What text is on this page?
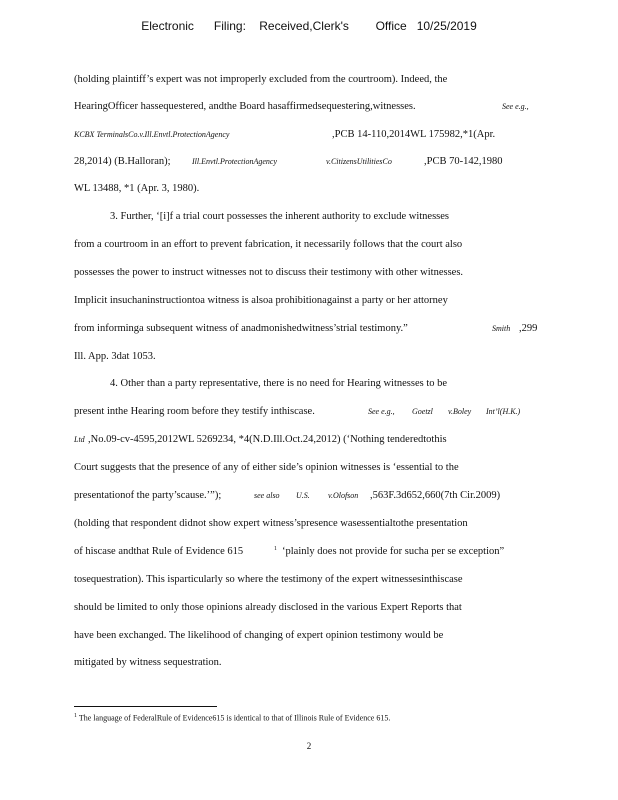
Electronic      Filing:    Received,Clerk's        Office   10/25/2019
(holding plaintiff’s expert was not improperly excluded from the courtroom). Indeed, the
HearingOfficer hassequestered, andthe Board hasaffirmedsequestering,witnesses.	See e.g.,
KCBX TerminalsCo.v.Ill.Envtl.ProtectionAgency	,PCB 14-110,2014WL 175982,*1(Apr.
28,2014) (B.Halloran);	Ill.Envtl.ProtectionAgency	v.CitizensUtilitiesCo	,PCB 70-142,1980
WL 13488, *1 (Apr. 3, 1980).
3. Further, ‘[i]f a trial court possesses the inherent authority to exclude witnesses
from a courtroom in an effort to prevent fabrication, it necessarily follows that the court also
possesses the power to instruct witnesses not to discuss their testimony with other witnesses.
Implicit insuchaninstructiontoa witness is alsoa prohibitionagainst a party or her attorney
from informinga subsequent witness of anadmonishedwitness’strial testimony.”	Smith ,299
Ill. App. 3dat 1053.
4. Other than a party representative, there is no need for Hearing witnesses to be
present inthe Hearing room before they testify inthiscase.	See e.g., Goetzl v.Boley Int’l(H.K.)
Ltd ,No.09-cv-4595,2012WL 5269234, *4(N.D.Ill.Oct.24,2012) (‘Nothing tenderedtothis
Court suggests that the presence of any of either side’s opinion witnesses is ‘essential to the
presentationof the party’scause.’”);	see also U.S. v.Olofson ,563F.3d652,660(7th Cir.2009)
(holding that respondent didnot show expert witness’spresence wasessentialtothe presentation
of hiscase andthat Rule of Evidence 615	1 ‘plainly does not provide for sucha per se exception”
tosequestration). This isparticularly so where the testimony of the expert witnessesinthiscase
should be limited to only those opinions already disclosed in the various Expert Reports that
have been exchanged. The likelihood of changing of expert opinion testimony would be
mitigated by witness sequestration.
$^1$ The language of FederalRule of Evidence615 is identical to that of Illinois Rule of Evidence 615.
2
